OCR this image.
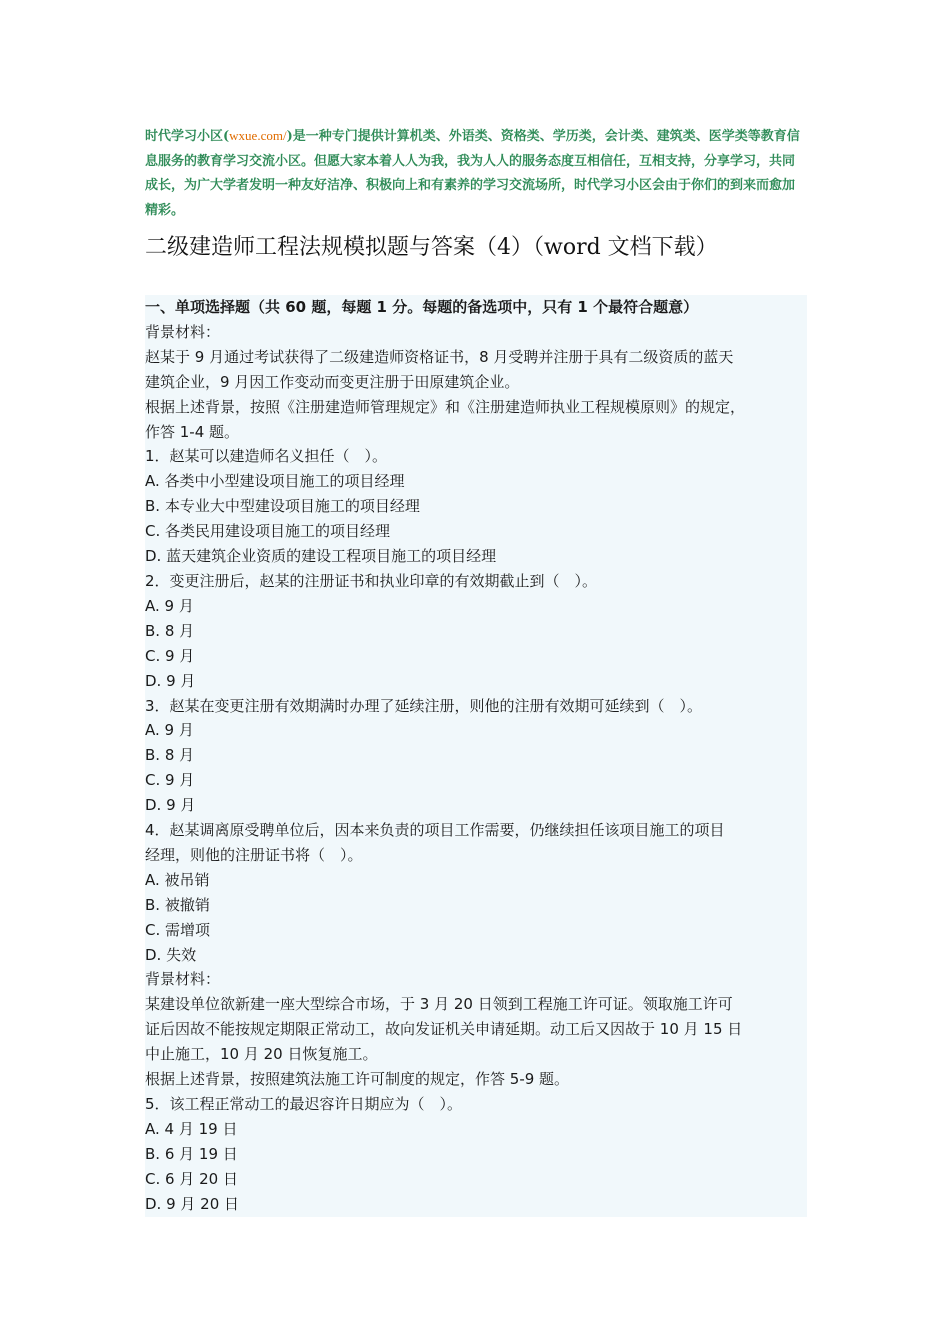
时代学习小区(wxue.com/)是一种专门提供计算机类、外语类、资格类、学历类，会计类、建筑类、医学类等教育信息服务的教育学习交流小区。但愿大家本着人人为我，我为人人的服务态度互相信任，互相支持，分享学习，共同成长，为广大学者发明一种友好洁净、积极向上和有素养的学习交流场所，时代学习小区会由于你们的到来而愈加精彩。
二级建造师工程法规模拟题与答案（4）（word 文档下载）
一、单项选择题（共 60 题，每题 1 分。每题的备选项中，只有 1 个最符合题意）
背景材料：
赵某于 9 月通过考试获得了二级建造师资格证书，8 月受聘并注册于具有二级资质的蓝天
建筑企业，9 月因工作变动而变更注册于田原建筑企业。
根据上述背景，按照《注册建造师管理规定》和《注册建造师执业工程规模原则》的规定，
作答 1-4 题。
1．赵某可以建造师名义担任（　）。
A. 各类中小型建设项目施工的项目经理
B. 本专业大中型建设项目施工的项目经理
C. 各类民用建设项目施工的项目经理
D. 蓝天建筑企业资质的建设工程项目施工的项目经理
2．变更注册后，赵某的注册证书和执业印章的有效期截止到（　）。
A. 9 月
B. 8 月
C. 9 月
D. 9 月
3．赵某在变更注册有效期满时办理了延续注册，则他的注册有效期可延续到（　）。
A. 9 月
B. 8 月
C. 9 月
D. 9 月
4．赵某调离原受聘单位后，因本来负责的项目工作需要，仍继续担任该项目施工的项目
经理，则他的注册证书将（　）。
A. 被吊销
B. 被撤销
C. 需增项
D. 失效
背景材料：
某建设单位欲新建一座大型综合市场，于 3 月 20 日领到工程施工许可证。领取施工许可
证后因故不能按规定期限正常动工，故向发证机关申请延期。动工后又因故于 10 月 15 日
中止施工，10 月 20 日恢复施工。
根据上述背景，按照建筑法施工许可制度的规定，作答 5-9 题。
5．该工程正常动工的最迟容许日期应为（　）。
A. 4 月 19 日
B. 6 月 19 日
C. 6 月 20 日
D. 9 月 20 日
